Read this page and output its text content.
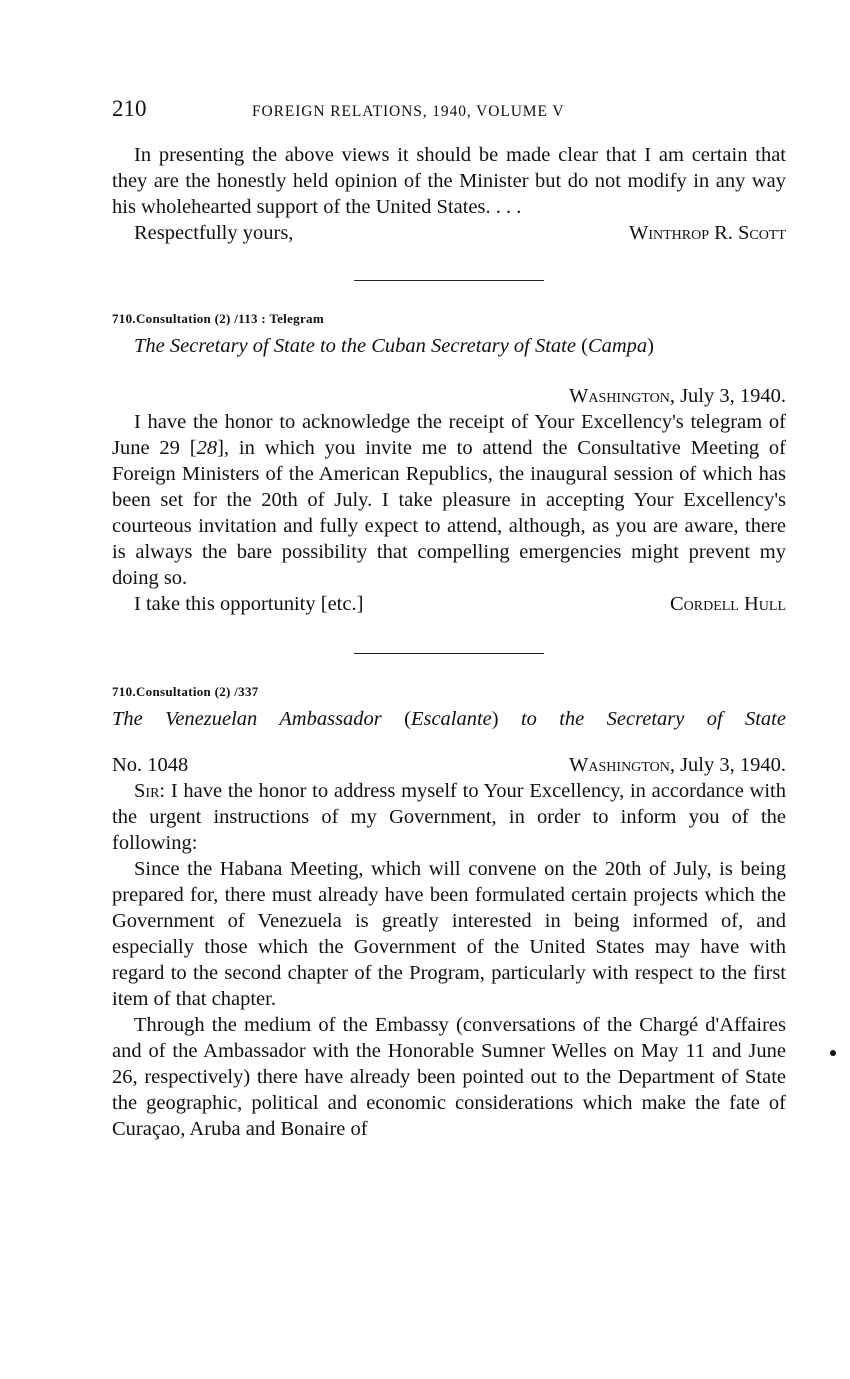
210	FOREIGN RELATIONS, 1940, VOLUME V

In presenting the above views it should be made clear that I am certain that they are the honestly held opinion of the Minister but do not modify in any way his wholehearted support of the United States. . . .

Respectfully yours,	Winthrop R. Scott
710.Consultation (2) /113 : Telegram
The Secretary of State to the Cuban Secretary of State (Campa)
Washington, July 3, 1940.

I have the honor to acknowledge the receipt of Your Excellency's telegram of June 29 [28], in which you invite me to attend the Consultative Meeting of Foreign Ministers of the American Republics, the inaugural session of which has been set for the 20th of July. I take pleasure in accepting Your Excellency's courteous invitation and fully expect to attend, although, as you are aware, there is always the bare possibility that compelling emergencies might prevent my doing so.

I take this opportunity [etc.]	Cordell Hull
710.Consultation (2) /337
The Venezuelan Ambassador (Escalante) to the Secretary of State
No. 1048	Washington, July 3, 1940.

Sir: I have the honor to address myself to Your Excellency, in accordance with the urgent instructions of my Government, in order to inform you of the following:

Since the Habana Meeting, which will convene on the 20th of July, is being prepared for, there must already have been formulated certain projects which the Government of Venezuela is greatly interested in being informed of, and especially those which the Government of the United States may have with regard to the second chapter of the Program, particularly with respect to the first item of that chapter.

Through the medium of the Embassy (conversations of the Chargé d'Affaires and of the Ambassador with the Honorable Sumner Welles on May 11 and June 26, respectively) there have already been pointed out to the Department of State the geographic, political and economic considerations which make the fate of Curaçao, Aruba and Bonaire of
